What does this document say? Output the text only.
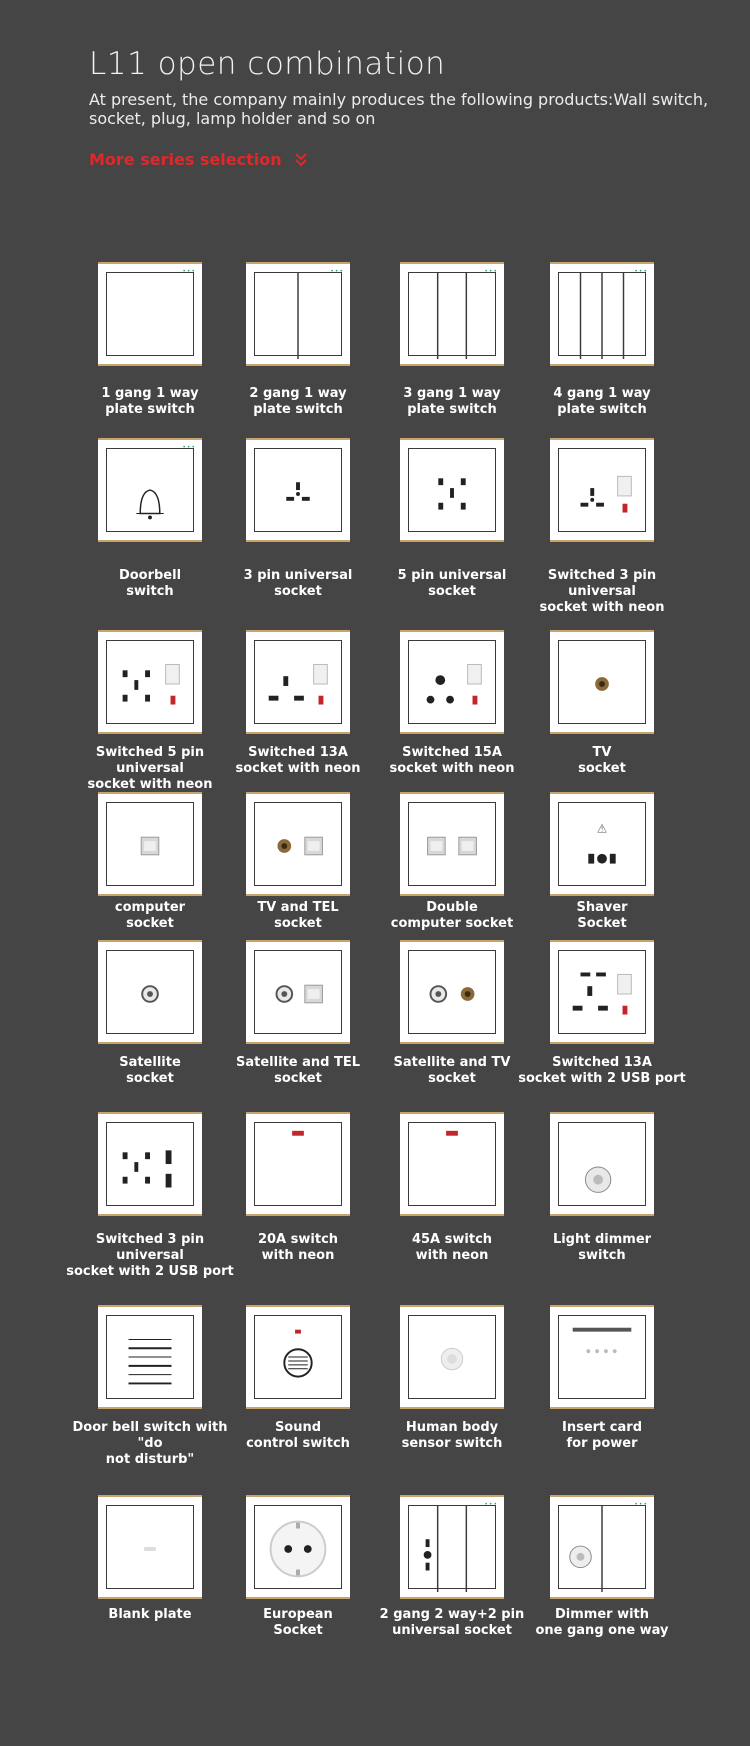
L11 open combination
At present, the company mainly produces the following products:Wall switch, socket, plug, lamp holder and so on
More series selection
•••
1 gang 1 way
plate switch
•••
2 gang 1 way
plate switch
•••
3 gang 1 way
plate switch
•••
4 gang 1 way
plate switch
•••
Doorbell
switch
3 pin universal
socket
5 pin universal
socket
Switched 3 pin universal
socket with neon
Switched 5 pin universal
socket with neon
Switched 13A
socket with neon
Switched 15A
socket with neon
TV
socket
computer
socket
TV and TEL
socket
Double
computer socket
⚠
Shaver
Socket
Satellite
socket
Satellite and TEL
socket
Satellite and TV
socket
Switched 13A
socket with 2 USB port
Switched 3 pin universal
socket with 2 USB port
20A switch
with neon
45A switch
with neon
Light dimmer
switch
Door bell switch with "do
not disturb"
Sound
control switch
Human body
sensor switch
Insert card
for power
Blank plate	European
Socket
•••
2 gang 2 way+2 pin
universal socket
•••
Dimmer with
one gang one way
